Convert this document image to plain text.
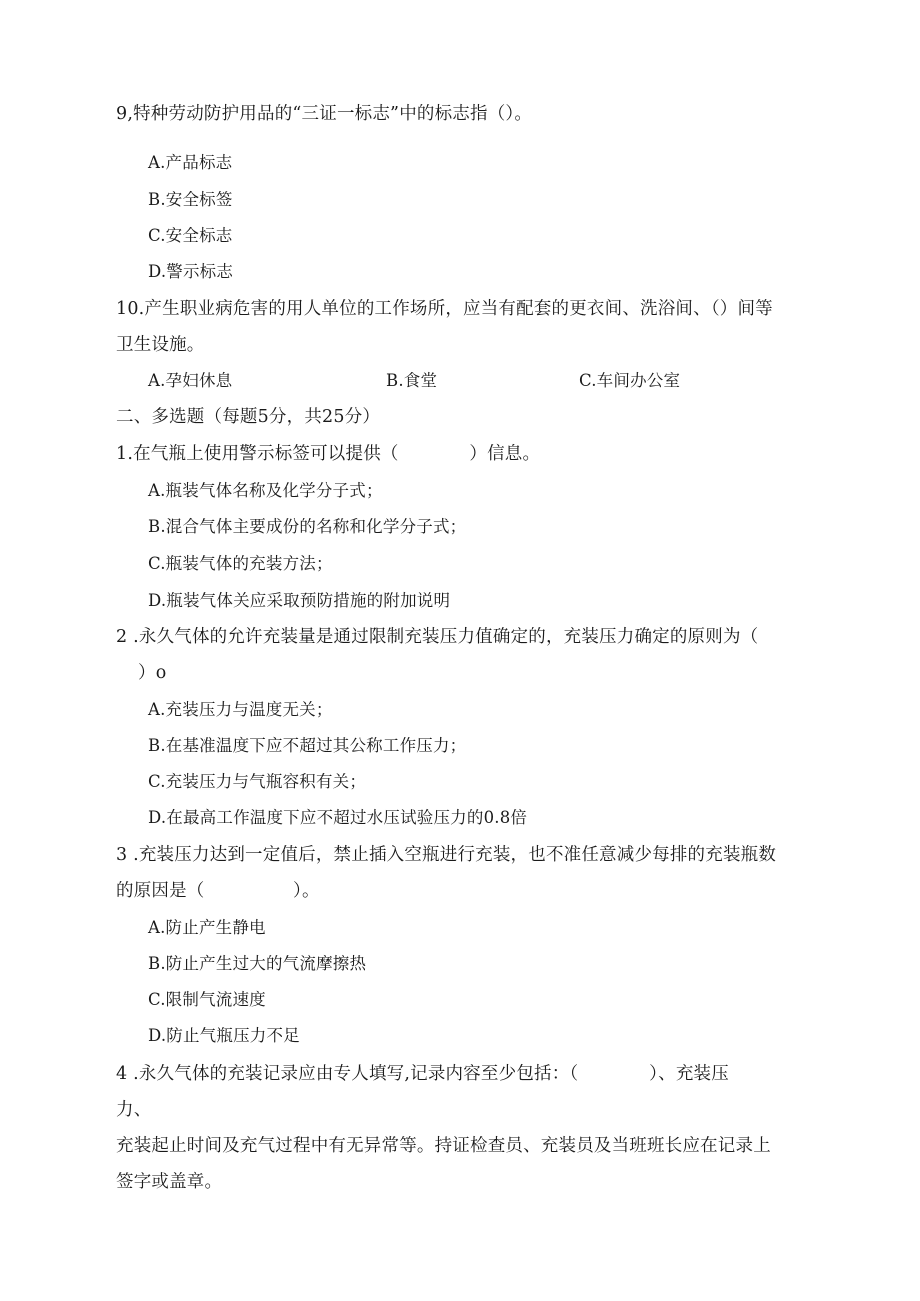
9,特种劳动防护用品的“三证一标志”中的标志指（）。
A.产品标志
B.安全标签
C.安全标志
D.警示标志
10.产生职业病危害的用人单位的工作场所，应当有配套的更衣间、洗浴间、（）间等
卫生设施。
A.孕妇休息	B.食堂	C.车间办公室
二、多选题（每题5分，共25分）
1.在气瓶上使用警示标签可以提供（　　　　）信息。
A.瓶装气体名称及化学分子式；
B.混合气体主要成份的名称和化学分子式；
C.瓶装气体的充装方法；
D.瓶装气体关应采取预防措施的附加说明
2 .永久气体的允许充装量是通过限制充装压力值确定的，充装压力确定的原则为（
）o
A.充装压力与温度无关；
B.在基准温度下应不超过其公称工作压力；
C.充装压力与气瓶容积有关；
D.在最高工作温度下应不超过水压试验压力的0.8倍
3 .充装压力达到一定值后，禁止插入空瓶进行充装，也不准任意减少每排的充装瓶数
的原因是（　　　　　）。
A.防止产生静电
B.防止产生过大的气流摩擦热
C.限制气流速度
D.防止气瓶压力不足
4 .永久气体的充装记录应由专人填写,记录内容至少包括：（　　　　）、充装压
力、
充装起止时间及充气过程中有无异常等。持证检查员、充装员及当班班长应在记录上
签字或盖章。
